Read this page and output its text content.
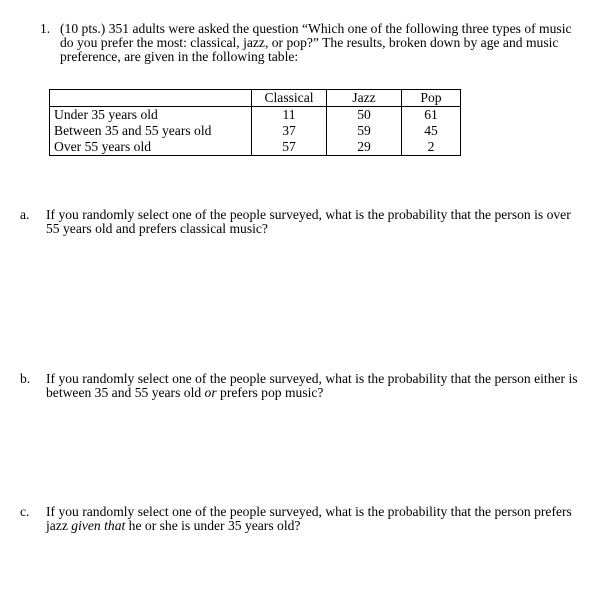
1. (10 pts.) 351 adults were asked the question “Which one of the following three types of music do you prefer the most: classical, jazz, or pop?” The results, broken down by age and music preference, are given in the following table:
	Classical	Jazz	Pop
Under 35 years old	11	50	61
Between 35 and 55 years old	37	59	45
Over 55 years old	57	29	2
a. If you randomly select one of the people surveyed, what is the probability that the person is over 55 years old and prefers classical music?
b. If you randomly select one of the people surveyed, what is the probability that the person either is between 35 and 55 years old or prefers pop music?
c. If you randomly select one of the people surveyed, what is the probability that the person prefers jazz given that he or she is under 35 years old?
